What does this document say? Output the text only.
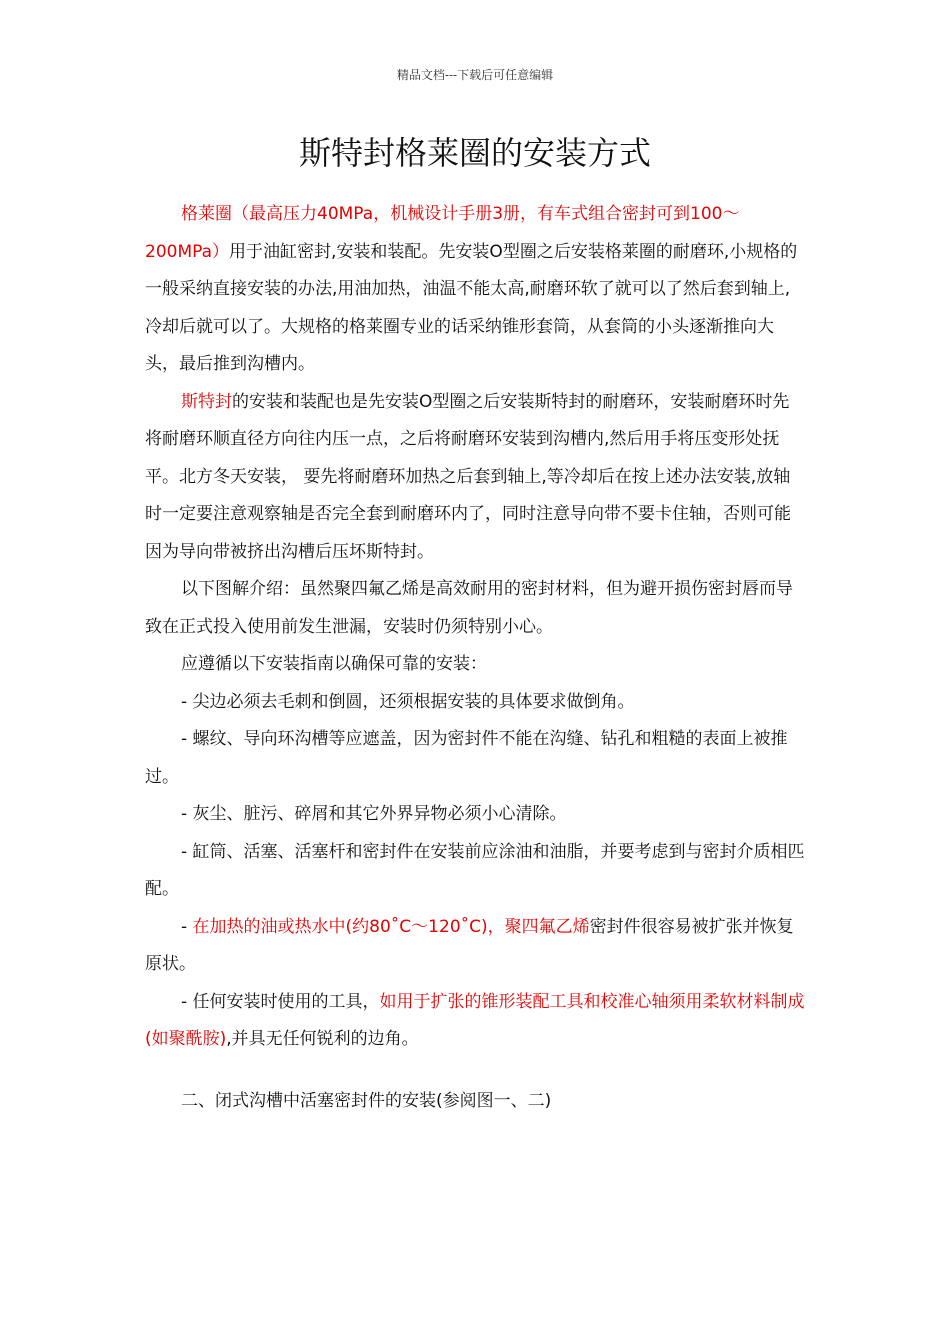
精品文档---下载后可任意编辑
斯特封格莱圈的安装方式

格莱圈（最高压力40MPa，机械设计手册3册，有车式组合密封可到100～200MPa）用于油缸密封,安装和装配。先安装O型圈之后安装格莱圈的耐磨环,小规格的一般采纳直接安装的办法,用油加热，油温不能太高,耐磨环软了就可以了然后套到轴上,冷却后就可以了。大规格的格莱圈专业的话采纳锥形套筒，从套筒的小头逐渐推向大头，最后推到沟槽内。

斯特封的安装和装配也是先安装O型圈之后安装斯特封的耐磨环，安装耐磨环时先将耐磨环顺直径方向往内压一点，之后将耐磨环安装到沟槽内,然后用手将压变形处抚平。北方冬天安装， 要先将耐磨环加热之后套到轴上,等冷却后在按上述办法安装,放轴时一定要注意观察轴是否完全套到耐磨环内了，同时注意导向带不要卡住轴，否则可能因为导向带被挤出沟槽后压坏斯特封。

以下图解介绍：虽然聚四氟乙烯是高效耐用的密封材料，但为避开损伤密封唇而导致在正式投入使用前发生泄漏，安装时仍须特别小心。

应遵循以下安装指南以确保可靠的安装：

- 尖边必须去毛刺和倒圆，还须根据安装的具体要求做倒角。

- 螺纹、导向环沟槽等应遮盖，因为密封件不能在沟缝、钻孔和粗糙的表面上被推过。

- 灰尘、脏污、碎屑和其它外界异物必须小心清除。

- 缸筒、活塞、活塞杆和密封件在安装前应涂油和油脂，并要考虑到与密封介质相匹配。

- 在加热的油或热水中(约80˚C～120˚C)，聚四氟乙烯密封件很容易被扩张并恢复原状。

- 任何安装时使用的工具，如用于扩张的锥形装配工具和校准心轴须用柔软材料制成(如聚酰胺),并具无任何锐利的边角。

二、闭式沟槽中活塞密封件的安装(参阅图一、二)
